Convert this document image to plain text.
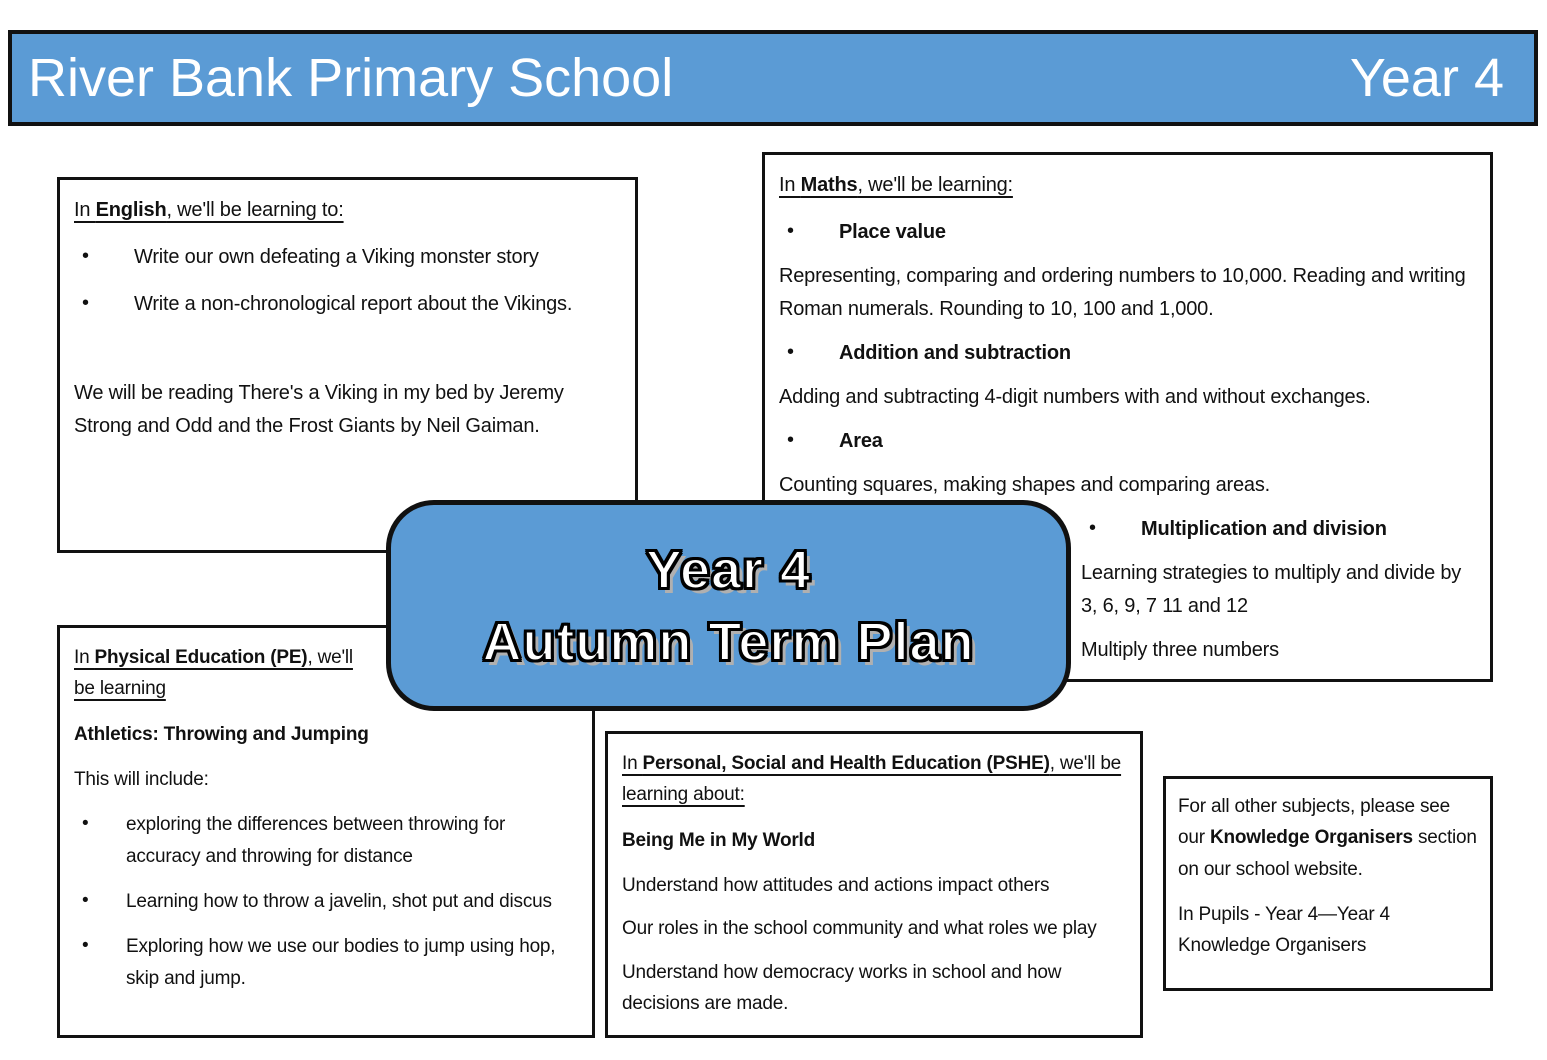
River Bank Primary School	Year 4

In English, we'll be learning to:

• Write our own defeating a Viking monster story
• Write a non-chronological report about the Vikings.

We will be reading There's a Viking in my bed by Jeremy Strong and Odd and the Frost Giants by Neil Gaiman.

In Maths, we'll be learning:

• Place value

Representing, comparing and ordering numbers to 10,000. Reading and writing Roman numerals. Rounding to 10, 100 and 1,000.

• Addition and subtraction

Adding and subtracting 4-digit numbers with and without exchanges.

• Area

Counting squares, making shapes and comparing areas.

• Multiplication and division

Learning strategies to multiply and divide by 3, 6, 9, 7 11 and 12

Multiply three numbers

In Physical Education (PE), we'll
be learning

Athletics: Throwing and Jumping

This will include:

• exploring the differences between throwing for accuracy and throwing for distance
• Learning how to throw a javelin, shot put and discus
• Exploring how we use our bodies to jump using hop, skip and jump.

In Personal, Social and Health Education (PSHE), we'll be
learning about:

Being Me in My World

Understand how attitudes and actions impact others

Our roles in the school community and what roles we play

Understand how democracy works in school and how decisions are made.

For all other subjects, please see our Knowledge Organisers section on our school website.

In Pupils - Year 4—Year 4 Knowledge Organisers

Year 4
Autumn Term Plan
